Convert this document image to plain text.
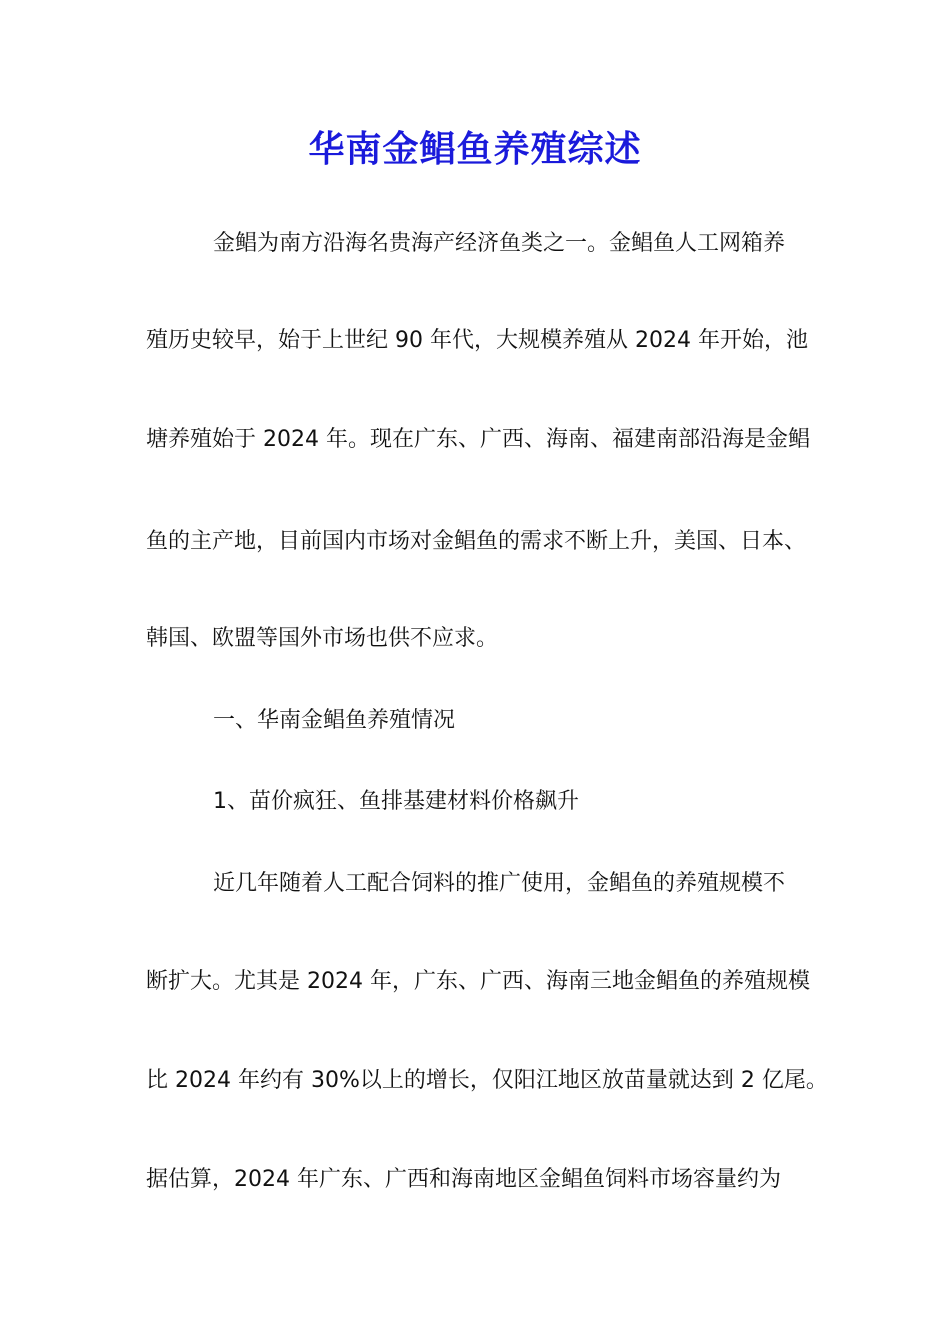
华南金鲳鱼养殖综述
金鲳为南方沿海名贵海产经济鱼类之一。金鲳鱼人工网箱养
殖历史较早，始于上世纪 90 年代，大规模养殖从 2024 年开始，池
塘养殖始于 2024 年。现在广东、广西、海南、福建南部沿海是金鲳
鱼的主产地，目前国内市场对金鲳鱼的需求不断上升，美国、日本、
韩国、欧盟等国外市场也供不应求。
一、华南金鲳鱼养殖情况
1、苗价疯狂、鱼排基建材料价格飙升
近几年随着人工配合饲料的推广使用，金鲳鱼的养殖规模不
断扩大。尤其是 2024 年，广东、广西、海南三地金鲳鱼的养殖规模
比 2024 年约有 30%以上的增长，仅阳江地区放苗量就达到 2 亿尾。
据估算，2024 年广东、广西和海南地区金鲳鱼饲料市场容量约为
